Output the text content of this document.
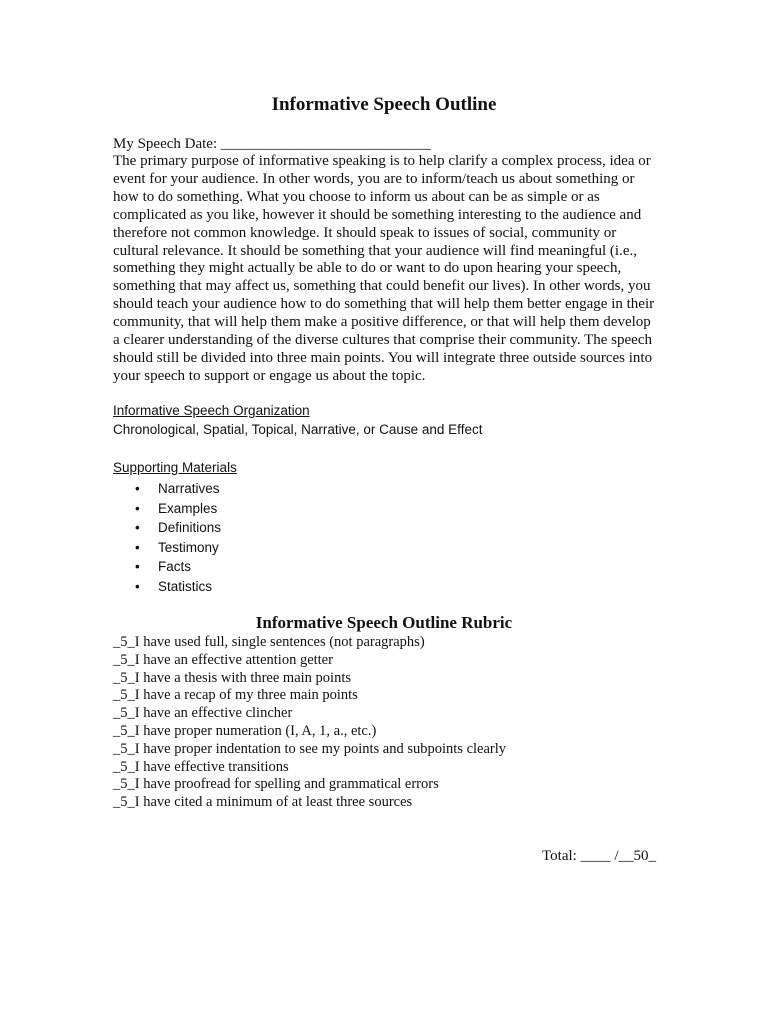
Informative Speech Outline
My Speech Date: ____________________________

The primary purpose of informative speaking is to help clarify a complex process, idea or event for your audience. In other words, you are to inform/teach us about something or how to do something. What you choose to inform us about can be as simple or as complicated as you like, however it should be something interesting to the audience and therefore not common knowledge. It should speak to issues of social, community or cultural relevance. It should be something that your audience will find meaningful (i.e., something they might actually be able to do or want to do upon hearing your speech, something that may affect us, something that could benefit our lives). In other words, you should teach your audience how to do something that will help them better engage in their community, that will help them make a positive difference, or that will help them develop a clearer understanding of the diverse cultures that comprise their community. The speech should still be divided into three main points. You will integrate three outside sources into your speech to support or engage us about the topic.

Informative Speech Organization
Chronological, Spatial, Topical, Narrative, or Cause and Effect
Supporting Materials
• Narratives
• Examples
• Definitions
• Testimony
• Facts
• Statistics
Informative Speech Outline Rubric
_5_I have used full, single sentences (not paragraphs)
_5_I have an effective attention getter
_5_I have a thesis with three main points
_5_I have a recap of my three main points
_5_I have an effective clincher
_5_I have proper numeration (I, A, 1, a., etc.)
_5_I have proper indentation to see my points and subpoints clearly
_5_I have effective transitions
_5_I have proofread for spelling and grammatical errors
_5_I have cited a minimum of at least three sources
Total: ____ /__50_
